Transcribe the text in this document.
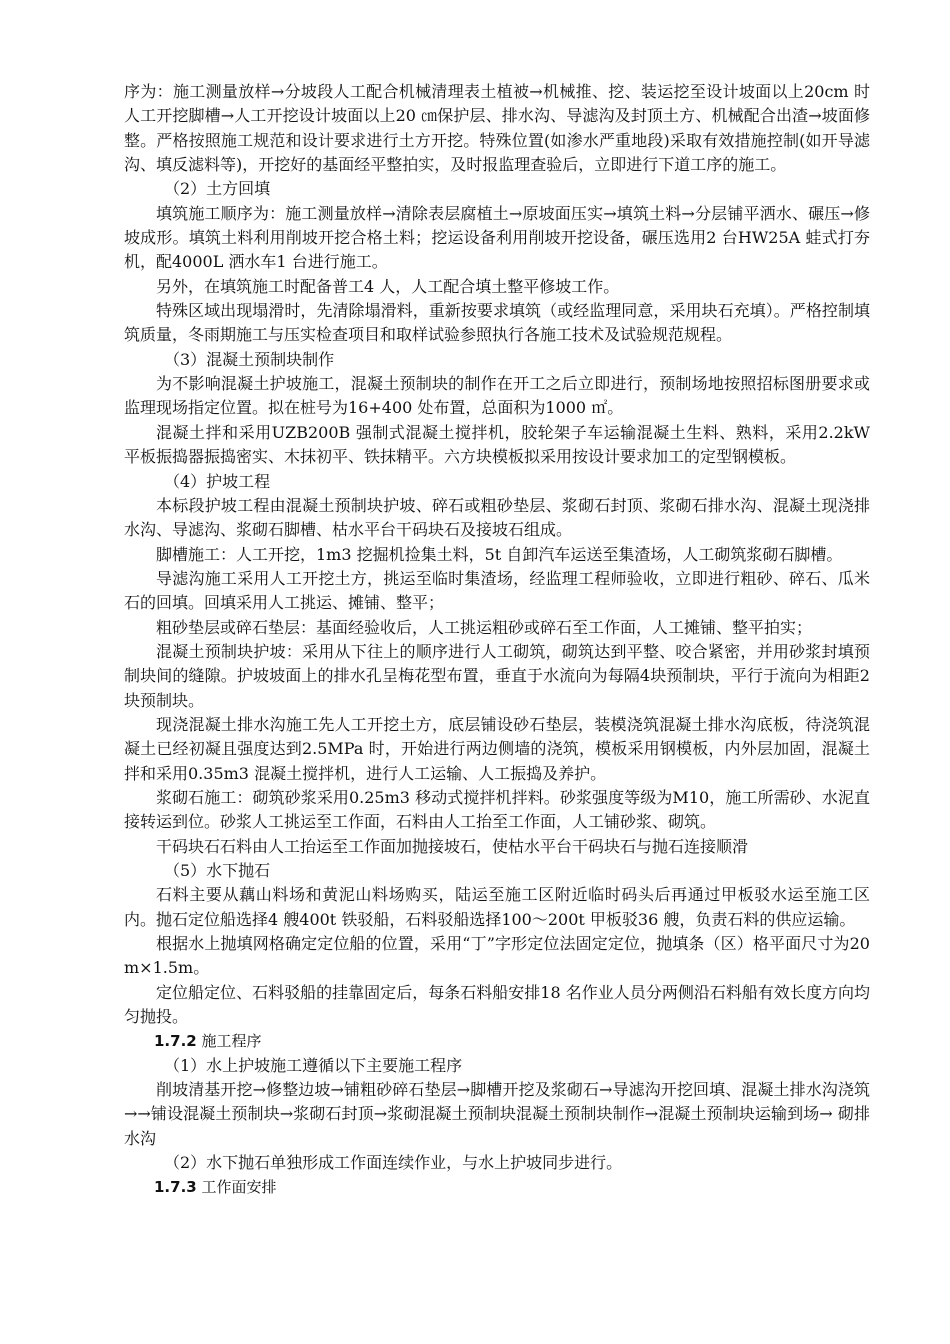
序为：施工测量放样→分坡段人工配合机械清理表土植被→机械推、挖、装运挖至设计坡面以上20cm 时人工开挖脚槽→人工开挖设计坡面以上20 ㎝保护层、排水沟、导滤沟及封顶土方、机械配合出渣→坡面修整。严格按照施工规范和设计要求进行土方开挖。特殊位置(如渗水严重地段)采取有效措施控制(如开导滤沟、填反滤料等)，开挖好的基面经平整拍实，及时报监理查验后，立即进行下道工序的施工。

（2）土方回填

填筑施工顺序为：施工测量放样→清除表层腐植土→原坡面压实→填筑土料→分层铺平洒水、碾压→修坡成形。填筑土料利用削坡开挖合格土料；挖运设备利用削坡开挖设备，碾压选用2 台HW25A 蛙式打夯机，配4000L 洒水车1 台进行施工。

另外，在填筑施工时配备普工4 人，人工配合填土整平修坡工作。

特殊区域出现塌滑时，先清除塌滑料，重新按要求填筑（或经监理同意，采用块石充填）。严格控制填筑质量，冬雨期施工与压实检查项目和取样试验参照执行各施工技术及试验规范规程。

（3）混凝土预制块制作

为不影响混凝土护坡施工，混凝土预制块的制作在开工之后立即进行，预制场地按照招标图册要求或监理现场指定位置。拟在桩号为16+400 处布置，总面积为1000 ㎡。

混凝土拌和采用UZB200B 强制式混凝土搅拌机，胶轮架子车运输混凝土生料、熟料，采用2.2kW 平板振捣器振捣密实、木抹初平、铁抹精平。六方块模板拟采用按设计要求加工的定型钢模板。

（4）护坡工程

本标段护坡工程由混凝土预制块护坡、碎石或粗砂垫层、浆砌石封顶、浆砌石排水沟、混凝土现浇排水沟、导滤沟、浆砌石脚槽、枯水平台干码块石及接坡石组成。

脚槽施工：人工开挖，1m3 挖掘机捡集土料，5t 自卸汽车运送至集渣场，人工砌筑浆砌石脚槽。

导滤沟施工采用人工开挖土方，挑运至临时集渣场，经监理工程师验收，立即进行粗砂、碎石、瓜米石的回填。回填采用人工挑运、摊铺、整平；

粗砂垫层或碎石垫层：基面经验收后，人工挑运粗砂或碎石至工作面，人工摊铺、整平拍实；

混凝土预制块护坡：采用从下往上的顺序进行人工砌筑，砌筑达到平整、咬合紧密，并用砂浆封填预制块间的缝隙。护坡坡面上的排水孔呈梅花型布置，垂直于水流向为每隔4块预制块，平行于流向为相距2块预制块。

现浇混凝土排水沟施工先人工开挖土方，底层铺设砂石垫层，装模浇筑混凝土排水沟底板，待浇筑混凝土已经初凝且强度达到2.5MPa 时，开始进行两边侧墙的浇筑，模板采用钢模板，内外层加固，混凝土拌和采用0.35m3 混凝土搅拌机，进行人工运输、人工振捣及养护。

浆砌石施工：砌筑砂浆采用0.25m3 移动式搅拌机拌料。砂浆强度等级为M10，施工所需砂、水泥直接转运到位。砂浆人工挑运至工作面，石料由人工抬至工作面，人工铺砂浆、砌筑。

干码块石石料由人工抬运至工作面加抛接坡石，使枯水平台干码块石与抛石连接顺滑

（5）水下抛石

石料主要从藕山料场和黄泥山料场购买，陆运至施工区附近临时码头后再通过甲板驳水运至施工区内。抛石定位船选择4 艘400t 铁驳船，石料驳船选择100～200t 甲板驳36 艘，负责石料的供应运输。

根据水上抛填网格确定定位船的位置，采用“丁”字形定位法固定定位，抛填条（区）格平面尺寸为20m×1.5m。

定位船定位、石料驳船的挂靠固定后，每条石料船安排18 名作业人员分两侧沿石料船有效长度方向均匀抛投。

1.7.2 施工程序

（1）水上护坡施工遵循以下主要施工程序

削坡清基开挖→修整边坡→铺粗砂碎石垫层→脚槽开挖及浆砌石→导滤沟开挖回填、混凝土排水沟浇筑→→铺设混凝土预制块→浆砌石封顶→浆砌混凝土预制块混凝土预制块制作→混凝土预制块运输到场→ 砌排水沟

（2）水下抛石单独形成工作面连续作业，与水上护坡同步进行。

1.7.3 工作面安排
